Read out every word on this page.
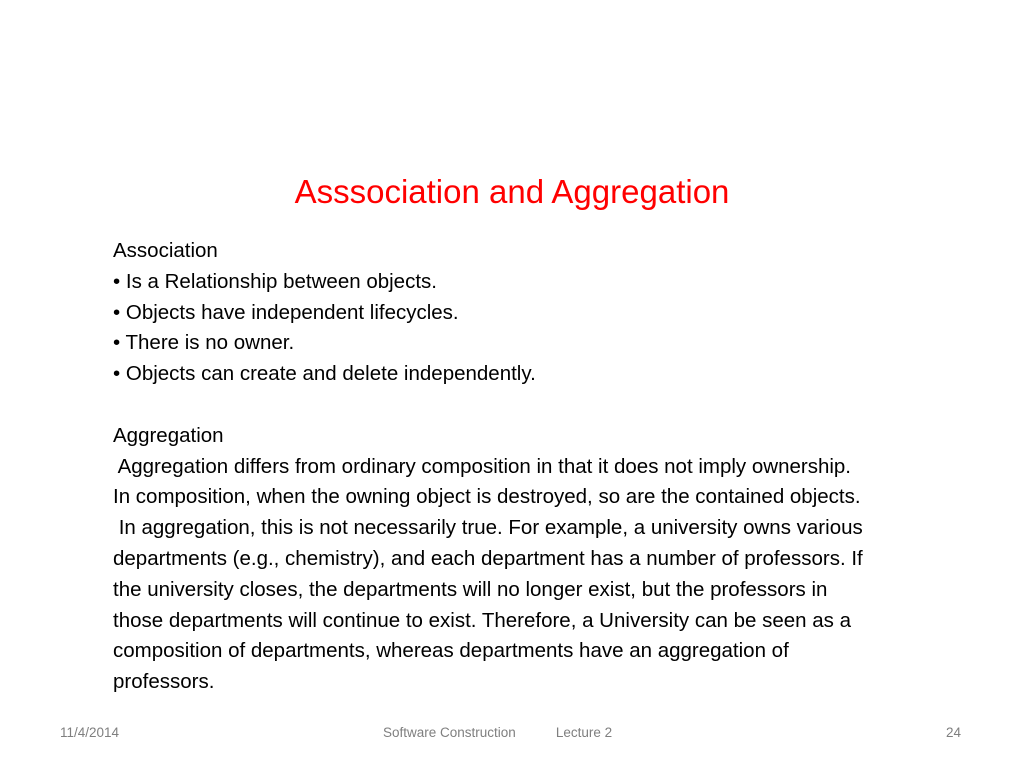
Asssociation and Aggregation
Association
• Is a Relationship between objects.
• Objects have independent lifecycles.
• There is no owner.
• Objects can create and delete independently.
Aggregation
Aggregation differs from ordinary composition in that it does not imply ownership.
In composition, when the owning object is destroyed, so are the contained objects.
In aggregation, this is not necessarily true. For example, a university owns various
departments (e.g., chemistry), and each department has a number of professors. If
the university closes, the departments will no longer exist, but the professors in
those departments will continue to exist. Therefore, a University can be seen as a
composition of departments, whereas departments have an aggregation of
professors.
11/4/2014	Software Construction	Lecture 2	24
